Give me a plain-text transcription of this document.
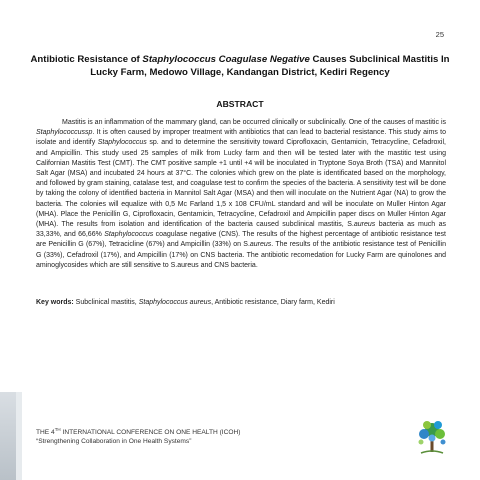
25
Antibiotic Resistance of Staphylococcus Coagulase Negative Causes Subclinical Mastitis In
Lucky Farm, Medowo Village, Kandangan District, Kediri Regency
ABSTRACT
Mastitis is an inflammation of the mammary gland, can be occurred clinically or subclinically. One of the causes of mastitic is Staphylococcussp. It is often caused by improper treatment with antibiotics that can lead to bacterial resistance. This study aims to isolate and identify Staphylococcus sp. and to determine the sensitivity toward Ciprofloxacin, Gentamicin, Tetracycline, Cefadroxil, and Ampicillin. This study used 25 samples of milk from Lucky farm and then will be tested later with the mastitic test using Californian Mastitis Test (CMT). The CMT positive sample +1 until +4 will be inoculated in Tryptone Soya Broth (TSA) and Mannitol Salt Agar (MSA) and incubated 24 hours at 37°C. The colonies which grew on the plate is identificated based on the morphology, and followed by gram staining, catalase test, and coagulase test to confirm the species of the bacteria. A sensitivity test will be done by taking the colony of identified bacteria in Mannitol Salt Agar (MSA) and then will inoculate on the Nutrient Agar (NA) to grow the bacteria. The colonies will equalize with 0,5 Mc Farland 1,5 x 108 CFU/mL standard and will be inoculate on Muller Hinton Agar (MHA). Place the Penicillin G, Ciprofloxacin, Gentamicin, Tetracycline, Cefadroxil and Ampicillin paper discs on Muller Hinton Agar (MHA). The results from isolation and identification of the bacteria caused subclinical mastitis, S.aureus bacteria as much as 33,33%, and 66,66% Staphylococcus coagulase negative (CNS). The results of the highest percentage of antibiotic resistance test are Penicillin G (67%), Tetracicline (67%) and Ampicillin (33%) on S.aureus. The results of the antibiotic resistance test of Penicillin G (33%), Cefadroxil (17%), and Ampicillin (17%) on CNS bacteria. The antibiotic recomedation for Lucky Farm are quinolones and aminoglycosides which are still sensitive to S.aureus and CNS bacteria.
Key words: Subclinical mastitis, Staphylococcus aureus, Antibiotic resistance, Diary farm, Kediri
THE 4TH INTERNATIONAL CONFERENCE ON ONE HEALTH (ICOH)
“Strengthening Collaboration in One Health Systems”
